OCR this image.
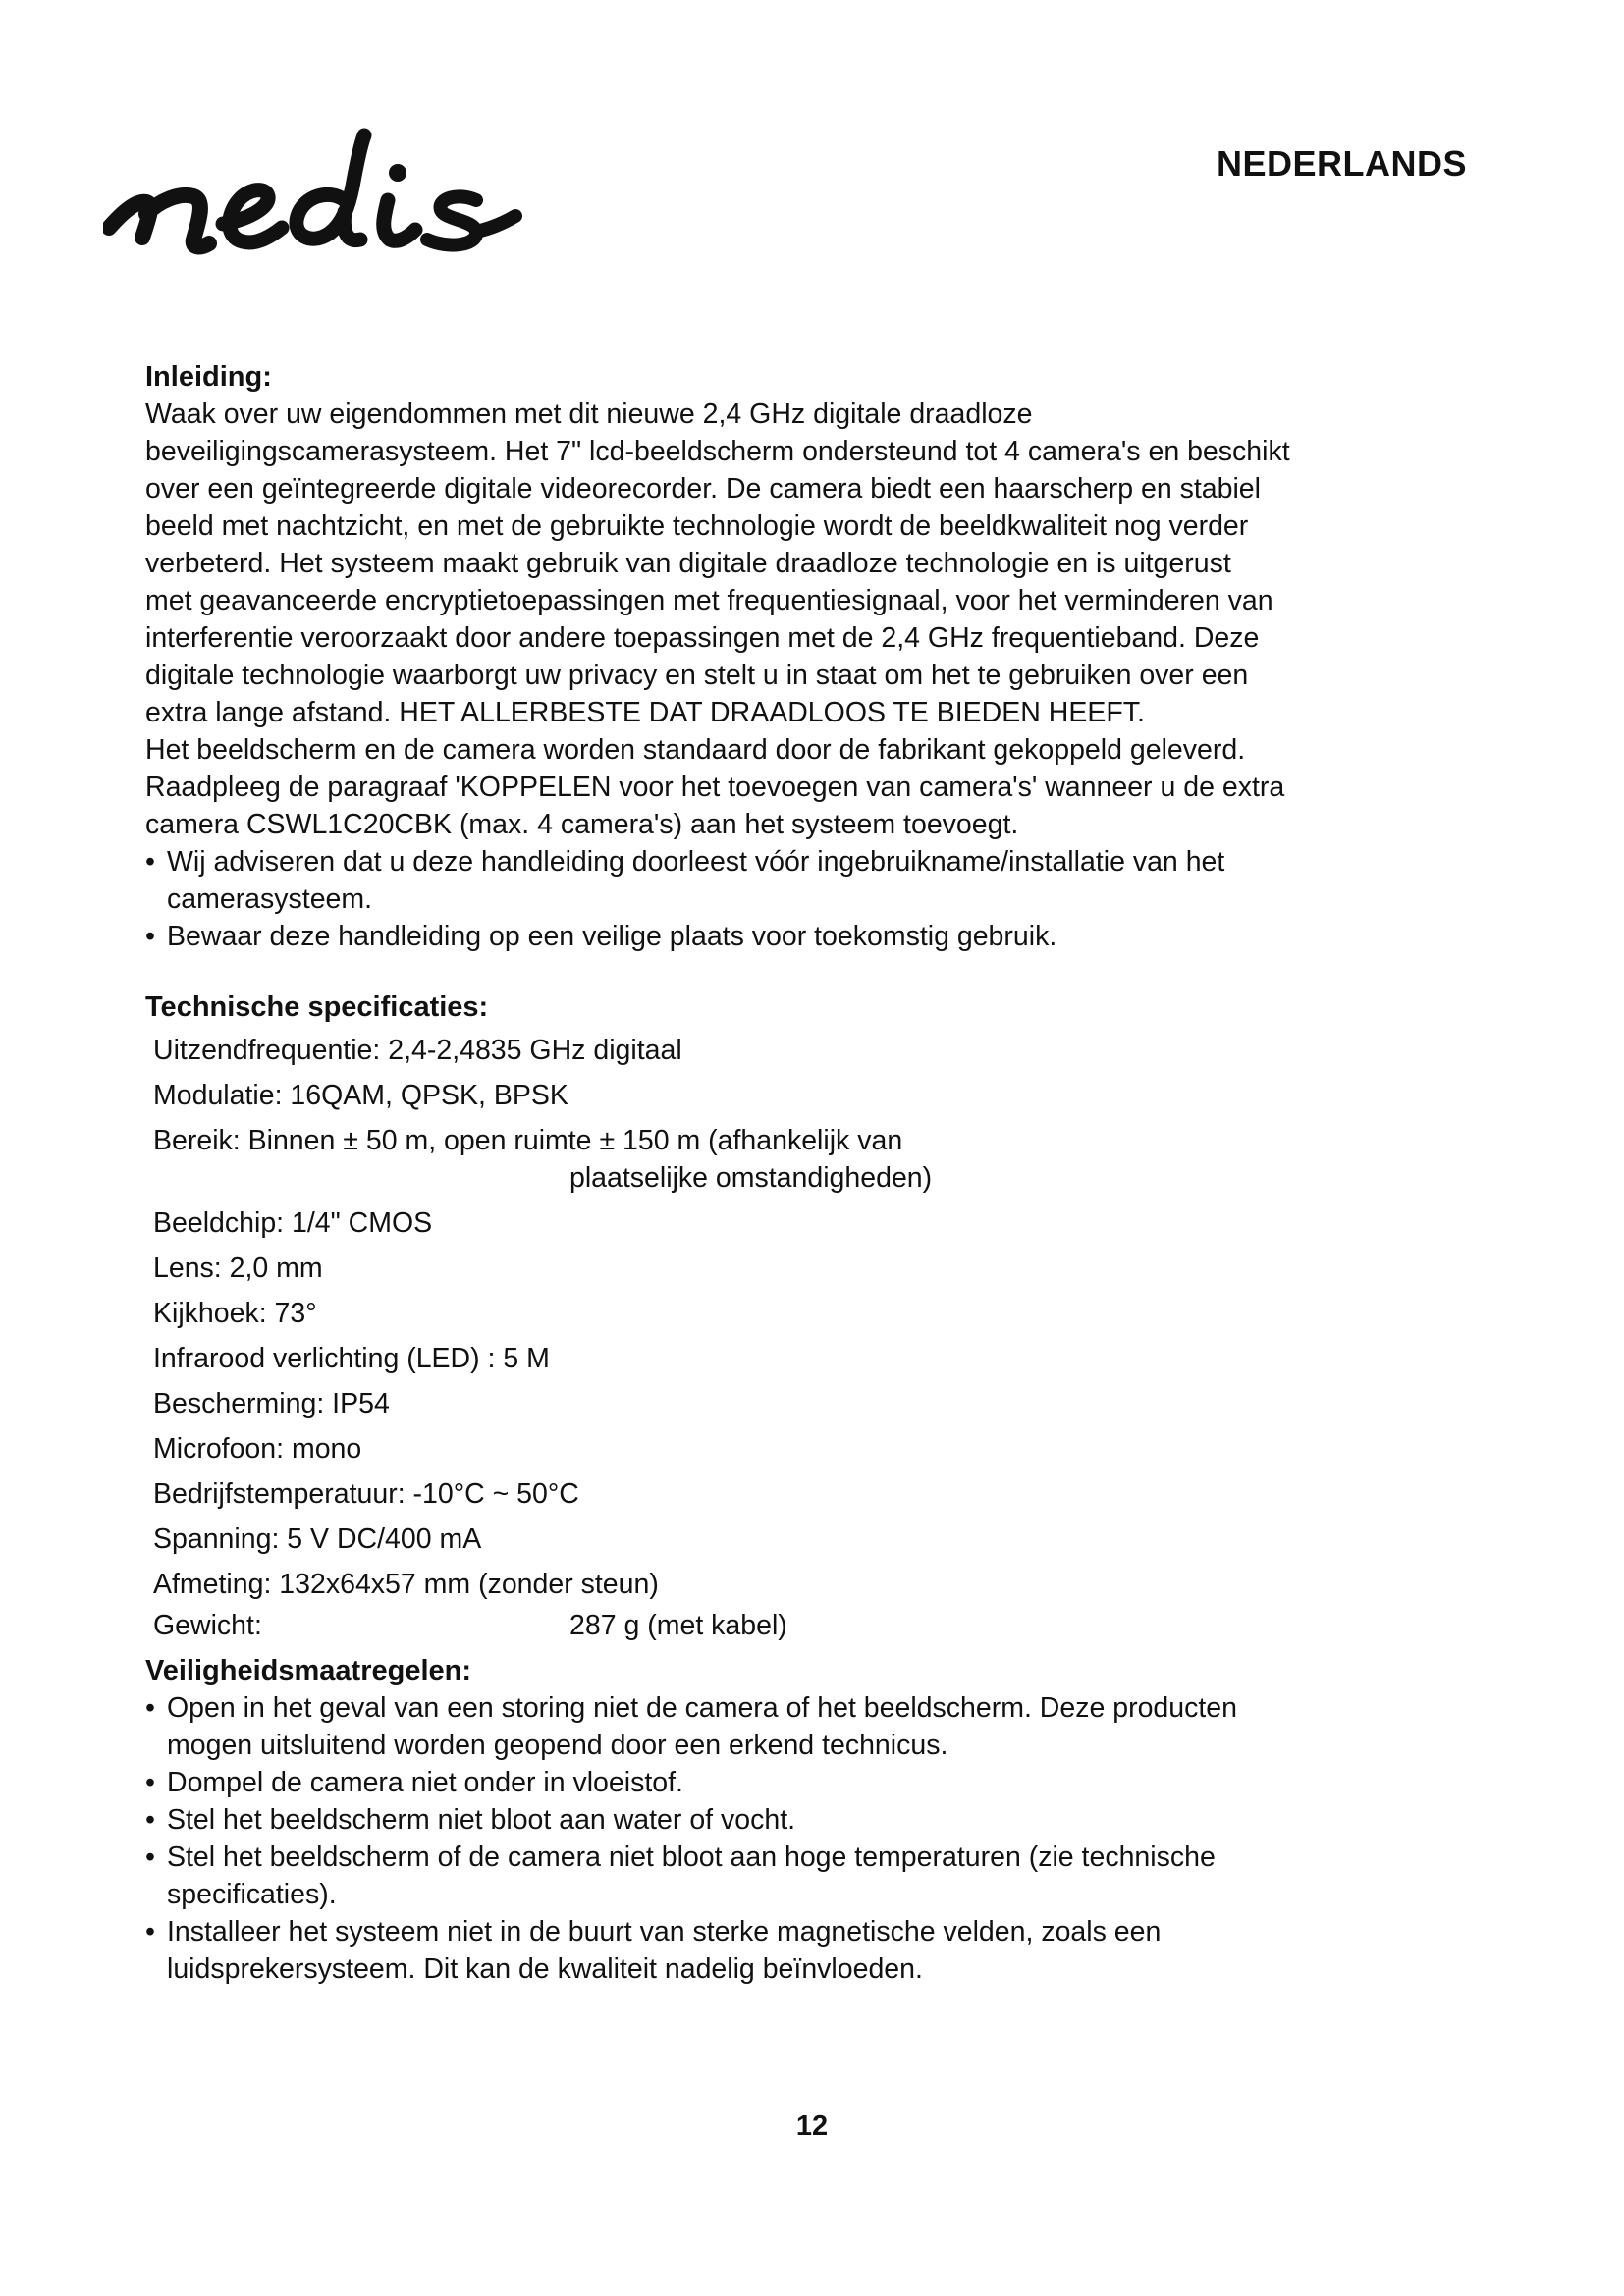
nedis
NEDERLANDS
Inleiding:

Waak over uw eigendommen met dit nieuwe 2,4 GHz digitale draadloze

beveiligingscamerasysteem. Het 7" lcd-beeldscherm ondersteund tot 4 camera's en beschikt

over een geïntegreerde digitale videorecorder. De camera biedt een haarscherp en stabiel

beeld met nachtzicht, en met de gebruikte technologie wordt de beeldkwaliteit nog verder

verbeterd. Het systeem maakt gebruik van digitale draadloze technologie en is uitgerust

met geavanceerde encryptietoepassingen met frequentiesignaal, voor het verminderen van

interferentie veroorzaakt door andere toepassingen met de 2,4 GHz frequentieband. Deze

digitale technologie waarborgt uw privacy en stelt u in staat om het te gebruiken over een

extra lange afstand. HET ALLERBESTE DAT DRAADLOOS TE BIEDEN HEEFT.

Het beeldscherm en de camera worden standaard door de fabrikant gekoppeld geleverd.

Raadpleeg de paragraaf 'KOPPELEN voor het toevoegen van camera's' wanneer u de extra

camera CSWL1C20CBK (max. 4 camera's) aan het systeem toevoegt.

• Wij adviseren dat u deze handleiding doorleest vóór ingebruikname/installatie van het
camerasysteem.
• Bewaar deze handleiding op een veilige plaats voor toekomstig gebruik.
Technische specificaties:

Uitzendfrequentie: 2,4-2,4835 GHz digitaal

Modulatie: 16QAM, QPSK, BPSK

Bereik: Binnen ± 50 m, open ruimte ± 150 m (afhankelijk van
plaatselijke omstandigheden)

Beeldchip: 1/4" CMOS

Lens: 2,0 mm

Kijkhoek: 73°

Infrarood verlichting (LED) : 5 M

Bescherming: IP54

Microfoon: mono

Bedrijfstemperatuur: -10°C ~ 50°C

Spanning: 5 V DC/400 mA

Afmeting: 132x64x57 mm (zonder steun)

Gewicht:	287 g (met kabel)

Veiligheidsmaatregelen:
• Open in het geval van een storing niet de camera of het beeldscherm. Deze producten
mogen uitsluitend worden geopend door een erkend technicus.
• Dompel de camera niet onder in vloeistof.
• Stel het beeldscherm niet bloot aan water of vocht.
• Stel het beeldscherm of de camera niet bloot aan hoge temperaturen (zie technische
specificaties).
• Installeer het systeem niet in de buurt van sterke magnetische velden, zoals een
luidsprekersysteem. Dit kan de kwaliteit nadelig beïnvloeden.
12
